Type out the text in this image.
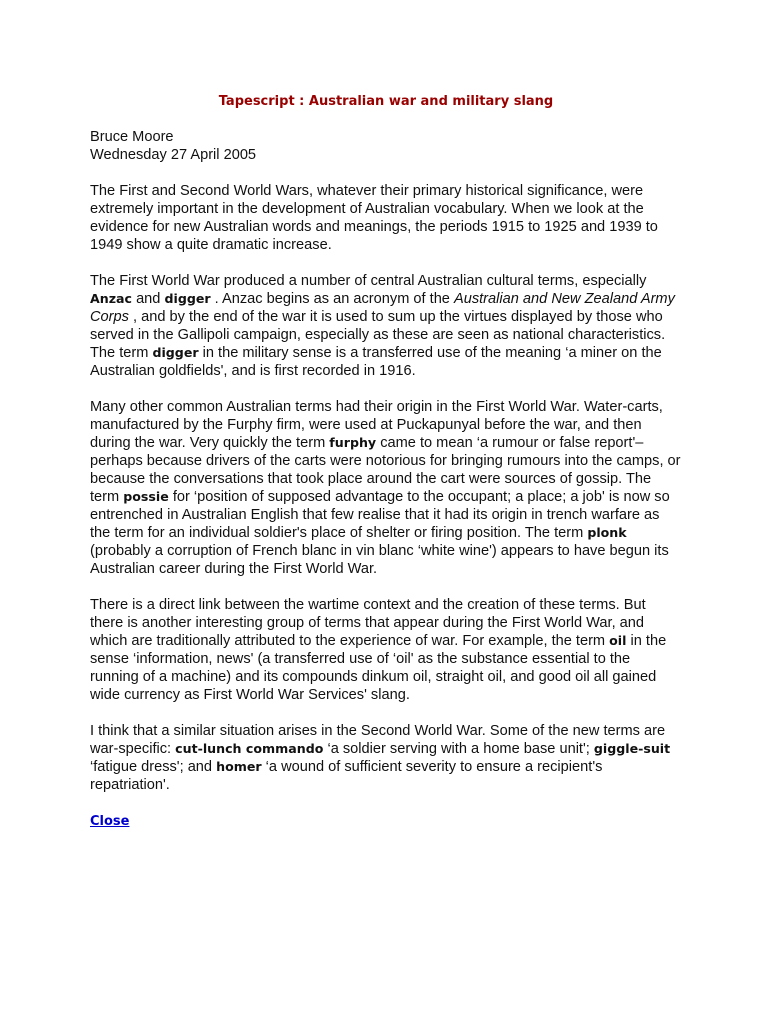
Tapescript : Australian war and military slang
Bruce Moore
Wednesday 27 April 2005

The First and Second World Wars, whatever their primary historical significance, were extremely important in the development of Australian vocabulary. When we look at the evidence for new Australian words and meanings, the periods 1915 to 1925 and 1939 to 1949 show a quite dramatic increase.

The First World War produced a number of central Australian cultural terms, especially Anzac and digger . Anzac begins as an acronym of the Australian and New Zealand Army Corps , and by the end of the war it is used to sum up the virtues displayed by those who served in the Gallipoli campaign, especially as these are seen as national characteristics. The term digger in the military sense is a transferred use of the meaning ‘a miner on the Australian goldfields', and is first recorded in 1916.

Many other common Australian terms had their origin in the First World War. Water-carts, manufactured by the Furphy firm, were used at Puckapunyal before the war, and then during the war. Very quickly the term furphy came to mean ‘a rumour or false report'– perhaps because drivers of the carts were notorious for bringing rumours into the camps, or because the conversations that took place around the cart were sources of gossip. The term possie for ‘position of supposed advantage to the occupant; a place; a job' is now so entrenched in Australian English that few realise that it had its origin in trench warfare as the term for an individual soldier's place of shelter or firing position. The term plonk (probably a corruption of French blanc in vin blanc ‘white wine') appears to have begun its Australian career during the First World War.

There is a direct link between the wartime context and the creation of these terms. But there is another interesting group of terms that appear during the First World War, and which are traditionally attributed to the experience of war. For example, the term oil in the sense ‘information, news' (a transferred use of ‘oil' as the substance essential to the running of a machine) and its compounds dinkum oil, straight oil, and good oil all gained wide currency as First World War Services' slang.

I think that a similar situation arises in the Second World War. Some of the new terms are war-specific: cut-lunch commando ‘a soldier serving with a home base unit'; giggle-suit ‘fatigue dress'; and homer ‘a wound of sufficient severity to ensure a recipient's repatriation'.

Close
